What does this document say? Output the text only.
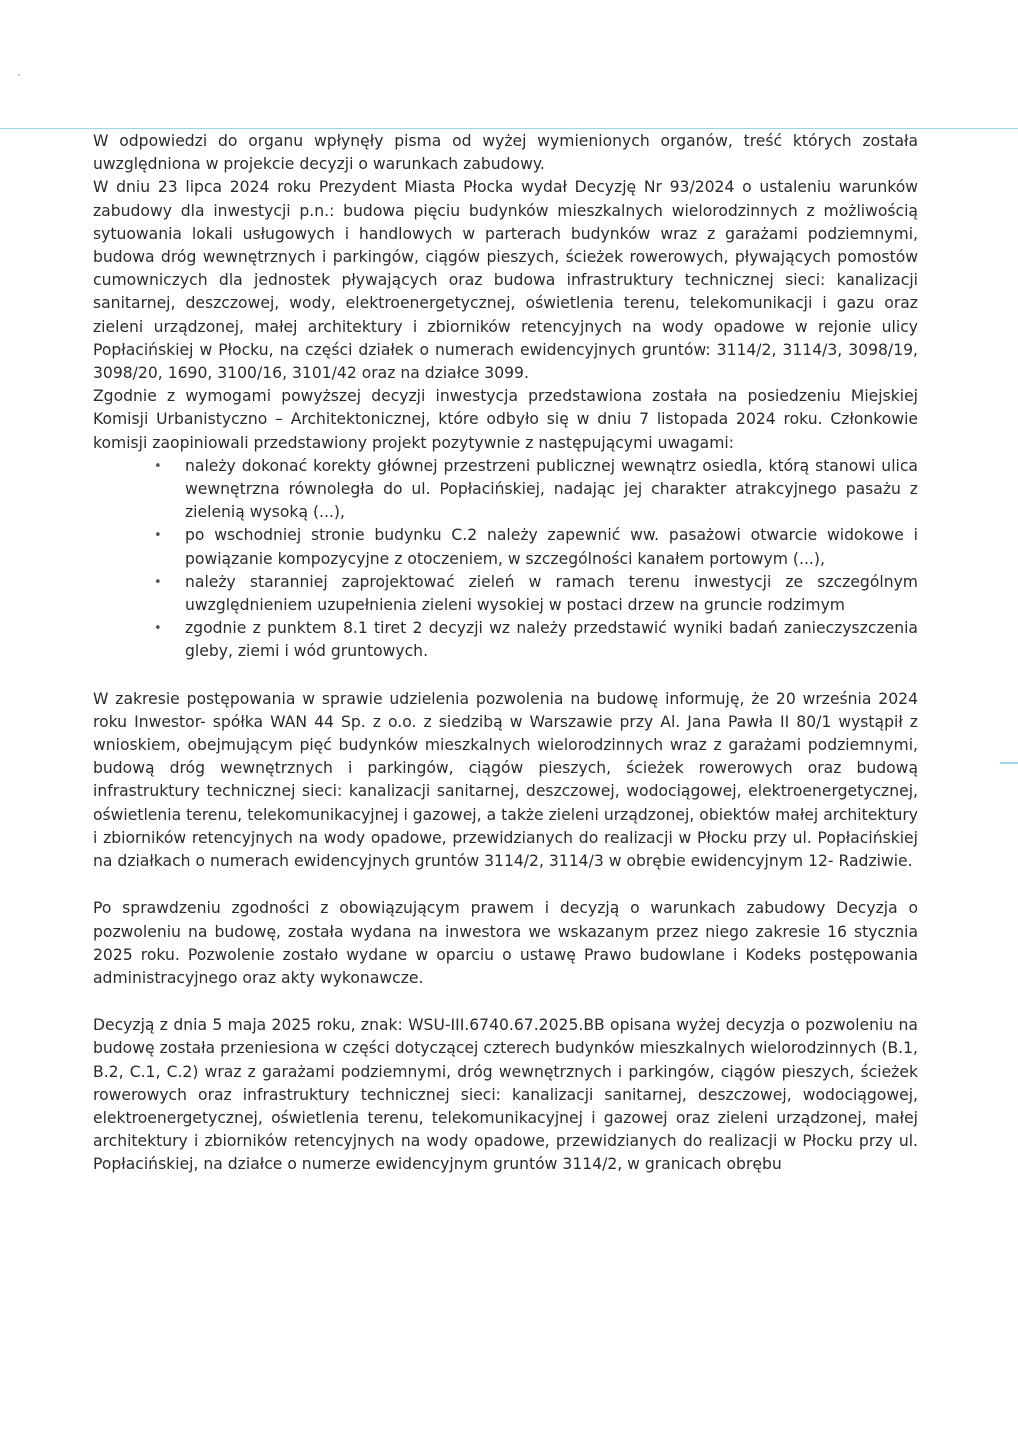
W odpowiedzi do organu wpłynęły pisma od wyżej wymienionych organów, treść których została uwzględniona w projekcie decyzji o warunkach zabudowy.

W dniu 23 lipca 2024 roku Prezydent Miasta Płocka wydał Decyzję Nr 93/2024 o ustaleniu warunków zabudowy dla inwestycji p.n.: budowa pięciu budynków mieszkalnych wielorodzinnych z możliwością sytuowania lokali usługowych i handlowych w parterach budynków wraz z garażami podziemnymi, budowa dróg wewnętrznych i parkingów, ciągów pieszych, ścieżek rowerowych, pływających pomostów cumowniczych dla jednostek pływających oraz budowa infrastruktury technicznej sieci: kanalizacji sanitarnej, deszczowej, wody, elektroenergetycznej, oświetlenia terenu, telekomunikacji i gazu oraz zieleni urządzonej, małej architektury i zbiorników retencyjnych na wody opadowe w rejonie ulicy Popłacińskiej w Płocku, na części działek o numerach ewidencyjnych gruntów: 3114/2, 3114/3, 3098/19, 3098/20, 1690, 3100/16, 3101/42 oraz na działce 3099.

Zgodnie z wymogami powyższej decyzji inwestycja przedstawiona została na posiedzeniu Miejskiej Komisji Urbanistyczno – Architektonicznej, które odbyło się w dniu 7 listopada 2024 roku. Członkowie komisji zaopiniowali przedstawiony projekt pozytywnie z następującymi uwagami:

• należy dokonać korekty głównej przestrzeni publicznej wewnątrz osiedla, którą stanowi ulica wewnętrzna równoległa do ul. Popłacińskiej, nadając jej charakter atrakcyjnego pasażu z zielenią wysoką (...),
• po wschodniej stronie budynku C.2 należy zapewnić ww. pasażowi otwarcie widokowe i powiązanie kompozycyjne z otoczeniem, w szczególności kanałem portowym (...),
• należy staranniej zaprojektować zieleń w ramach terenu inwestycji ze szczególnym uwzględnieniem uzupełnienia zieleni wysokiej w postaci drzew na gruncie rodzimym
• zgodnie z punktem 8.1 tiret 2 decyzji wz należy przedstawić wyniki badań zanieczyszczenia gleby, ziemi i wód gruntowych.

W zakresie postępowania w sprawie udzielenia pozwolenia na budowę informuję, że 20 września 2024 roku Inwestor- spółka WAN 44 Sp. z o.o. z siedzibą w Warszawie przy Al. Jana Pawła II 80/1 wystąpił z wnioskiem, obejmującym pięć budynków mieszkalnych wielorodzinnych wraz z garażami podziemnymi, budową dróg wewnętrznych i parkingów, ciągów pieszych, ścieżek rowerowych oraz budową infrastruktury technicznej sieci: kanalizacji sanitarnej, deszczowej, wodociągowej, elektroenergetycznej, oświetlenia terenu, telekomunikacyjnej i gazowej, a także zieleni urządzonej, obiektów małej architektury i zbiorników retencyjnych na wody opadowe, przewidzianych do realizacji w Płocku przy ul. Popłacińskiej na działkach o numerach ewidencyjnych gruntów 3114/2, 3114/3 w obrębie ewidencyjnym 12- Radziwie.

Po sprawdzeniu zgodności z obowiązującym prawem i decyzją o warunkach zabudowy Decyzja o pozwoleniu na budowę, została wydana na inwestora we wskazanym przez niego zakresie 16 stycznia 2025 roku. Pozwolenie zostało wydane w oparciu o ustawę Prawo budowlane i Kodeks postępowania administracyjnego oraz akty wykonawcze.

Decyzją z dnia 5 maja 2025 roku, znak: WSU-III.6740.67.2025.BB opisana wyżej decyzja o pozwoleniu na budowę została przeniesiona w części dotyczącej czterech budynków mieszkalnych wielorodzinnych (B.1, B.2, C.1, C.2) wraz z garażami podziemnymi, dróg wewnętrznych i parkingów, ciągów pieszych, ścieżek rowerowych oraz infrastruktury technicznej sieci: kanalizacji sanitarnej, deszczowej, wodociągowej, elektroenergetycznej, oświetlenia terenu, telekomunikacyjnej i gazowej oraz zieleni urządzonej, małej architektury i zbiorników retencyjnych na wody opadowe, przewidzianych do realizacji w Płocku przy ul. Popłacińskiej, na działce o numerze ewidencyjnym gruntów 3114/2, w granicach obrębu
